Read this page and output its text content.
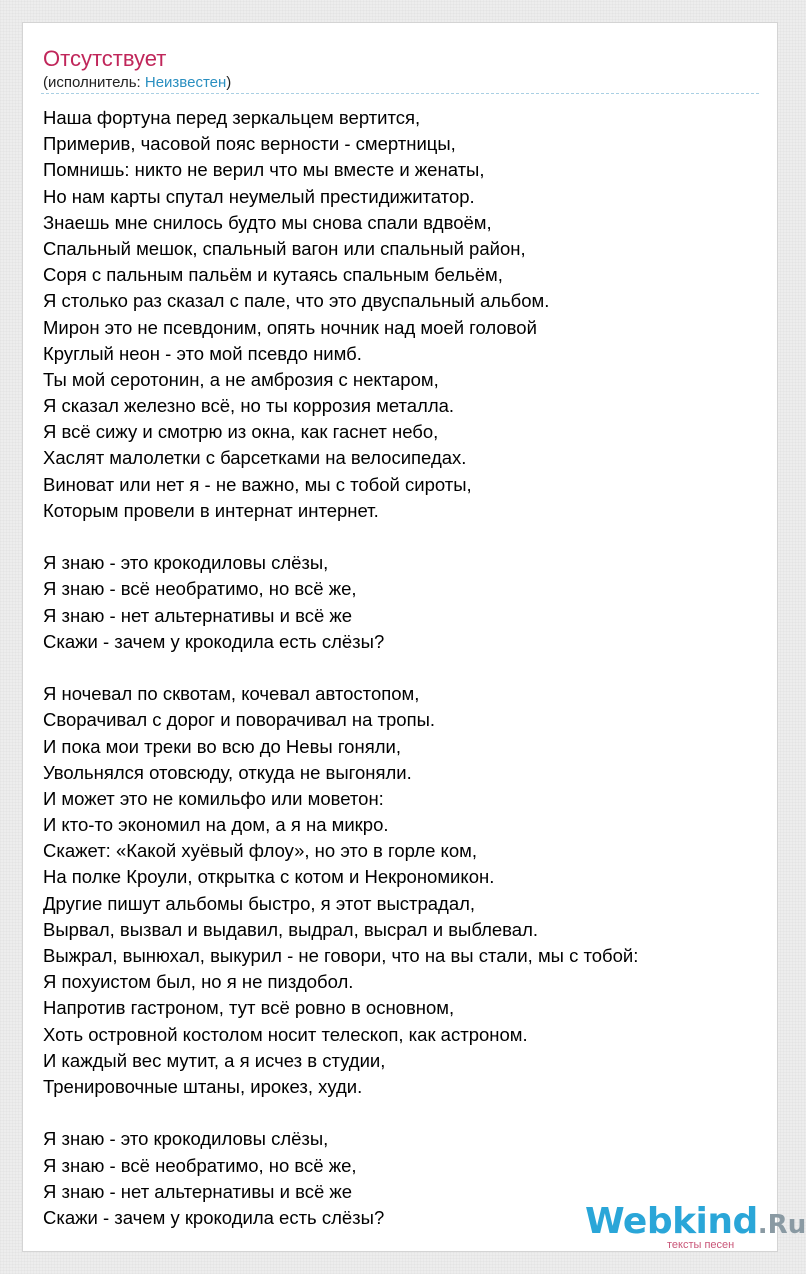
Отсутствует
(исполнитель: Неизвестен)
Наша фортуна перед зеркальцем вертится,
Примерив, часовой пояс верности - смертницы,
Помнишь: никто не верил что мы вместе и женаты,
Но нам карты спутал неумелый престидижитатор.
Знаешь мне снилось будто мы снова спали вдвоём,
Спальный мешок, спальный вагон или спальный район,
Соря с пальным пальём и кутаясь спальным бельём,
Я столько раз сказал с пале, что это двуспальный альбом.
Мирон это не псевдоним, опять ночник над моей головой
Круглый неон - это мой псевдо нимб.
Ты мой серотонин, а не амброзия с нектаром,
Я сказал железно всё, но ты коррозия металла.
Я всё сижу и смотрю из окна, как гаснет небо,
Хаслят малолетки с барсетками на велосипедах.
Виноват или нет я - не важно, мы с тобой сироты,
Которым провели в интернат интернет.
Я знаю - это крокодиловы слёзы,
Я знаю - всё необратимо, но всё же,
Я знаю - нет альтернативы и всё же
Скажи - зачем у крокодила есть слёзы?
Я ночевал по сквотам, кочевал автостопом,
Сворачивал с дорог и поворачивал на тропы.
И пока мои треки во всю до Невы гоняли,
Увольнялся отовсюду, откуда не выгоняли.
И может это не комильфо или моветон:
И кто-то экономил на дом, а я на микро.
Скажет: «Какой хуёвый флоу», но это в горле ком,
На полке Кроули, открытка с котом и Некрономикон.
Другие пишут альбомы быстро, я этот выстрадал,
Вырвал, вызвал и выдавил, выдрал, высрал и выблевал.
Выжрал, вынюхал, выкурил - не говори, что на вы стали, мы с тобой:
Я похуистом был, но я не пиздобол.
Напротив гастроном, тут всё ровно в основном,
Хоть островной костолом носит телескоп, как астроном.
И каждый вес мутит, а я исчез в студии,
Тренировочные штаны, ирокез, худи.
Я знаю - это крокодиловы слёзы,
Я знаю - всё необратимо, но всё же,
Я знаю - нет альтернативы и всё же
Скажи - зачем у крокодила есть слёзы?	Webkind.Ru
тексты песен
